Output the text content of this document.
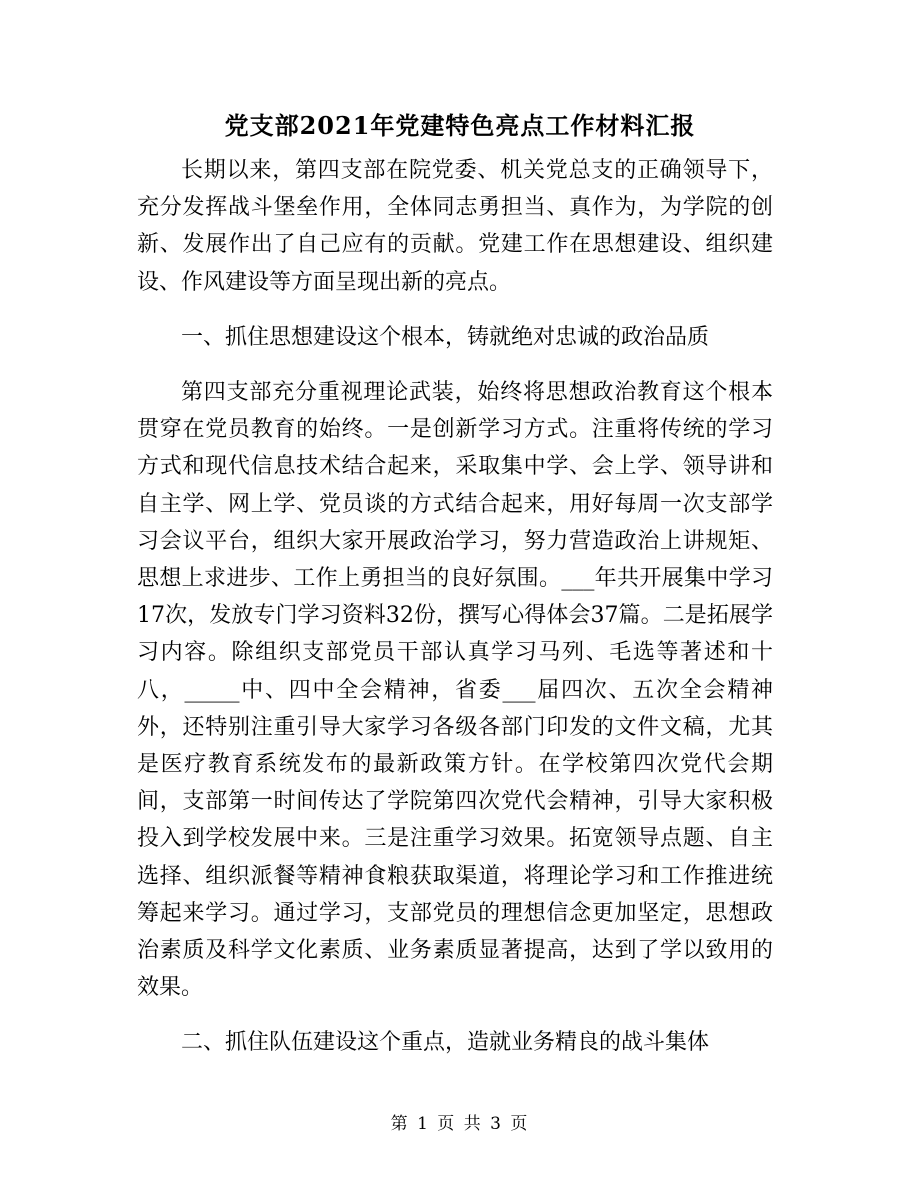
党支部2021年党建特色亮点工作材料汇报

长期以来，第四支部在院党委、机关党总支的正确领导下，充分发挥战斗堡垒作用，全体同志勇担当、真作为，为学院的创新、发展作出了自己应有的贡献。党建工作在思想建设、组织建设、作风建设等方面呈现出新的亮点。

一、抓住思想建设这个根本，铸就绝对忠诚的政治品质

第四支部充分重视理论武装，始终将思想政治教育这个根本贯穿在党员教育的始终。一是创新学习方式。注重将传统的学习方式和现代信息技术结合起来，采取集中学、会上学、领导讲和自主学、网上学、党员谈的方式结合起来，用好每周一次支部学习会议平台，组织大家开展政治学习，努力营造政治上讲规矩、思想上求进步、工作上勇担当的良好氛围。___年共开展集中学习17次，发放专门学习资料32份，撰写心得体会37篇。二是拓展学习内容。除组织支部党员干部认真学习马列、毛选等著述和十八，_____中、四中全会精神，省委___届四次、五次全会精神外，还特别注重引导大家学习各级各部门印发的文件文稿，尤其是医疗教育系统发布的最新政策方针。在学校第四次党代会期间，支部第一时间传达了学院第四次党代会精神，引导大家积极投入到学校发展中来。三是注重学习效果。拓宽领导点题、自主选择、组织派餐等精神食粮获取渠道，将理论学习和工作推进统筹起来学习。通过学习，支部党员的理想信念更加坚定，思想政治素质及科学文化素质、业务素质显著提高，达到了学以致用的效果。

二、抓住队伍建设这个重点，造就业务精良的战斗集体

第 1 页 共 3 页
